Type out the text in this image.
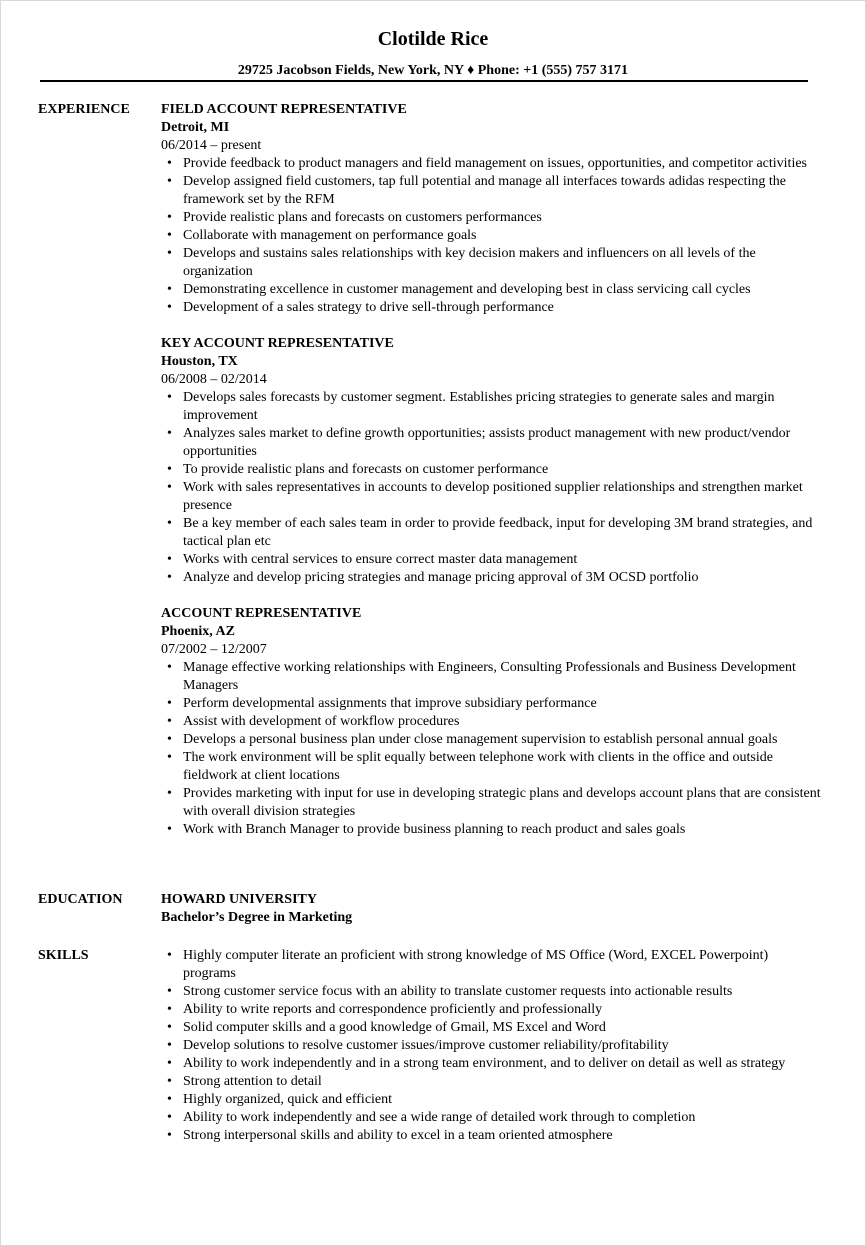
Clotilde Rice
29725 Jacobson Fields, New York, NY ♦ Phone: +1 (555) 757 3171
EXPERIENCE FIELD ACCOUNT REPRESENTATIVE
Detroit, MI
06/2014 – present
• Provide feedback to product managers and field management on issues, opportunities, and competitor activities
• Develop assigned field customers, tap full potential and manage all interfaces towards adidas respecting the framework set by the RFM
• Provide realistic plans and forecasts on customers performances
• Collaborate with management on performance goals
• Develops and sustains sales relationships with key decision makers and influencers on all levels of the organization
• Demonstrating excellence in customer management and developing best in class servicing call cycles
• Development of a sales strategy to drive sell-through performance
KEY ACCOUNT REPRESENTATIVE
Houston, TX
06/2008 – 02/2014
• Develops sales forecasts by customer segment. Establishes pricing strategies to generate sales and margin improvement
• Analyzes sales market to define growth opportunities; assists product management with new product/vendor opportunities
• To provide realistic plans and forecasts on customer performance
• Work with sales representatives in accounts to develop positioned supplier relationships and strengthen market presence
• Be a key member of each sales team in order to provide feedback, input for developing 3M brand strategies, and tactical plan etc
• Works with central services to ensure correct master data management
• Analyze and develop pricing strategies and manage pricing approval of 3M OCSD portfolio
ACCOUNT REPRESENTATIVE
Phoenix, AZ
07/2002 – 12/2007
• Manage effective working relationships with Engineers, Consulting Professionals and Business Development Managers
• Perform developmental assignments that improve subsidiary performance
• Assist with development of workflow procedures
• Develops a personal business plan under close management supervision to establish personal annual goals
• The work environment will be split equally between telephone work with clients in the office and outside fieldwork at client locations
• Provides marketing with input for use in developing strategic plans and develops account plans that are consistent with overall division strategies
• Work with Branch Manager to provide business planning to reach product and sales goals
EDUCATION	HOWARD UNIVERSITY
Bachelor’s Degree in Marketing
SKILLS
•	Highly computer literate an proficient with strong knowledge of MS Office (Word, EXCEL Powerpoint) programs
• Strong customer service focus with an ability to translate customer requests into actionable results
• Ability to write reports and correspondence proficiently and professionally
• Solid computer skills and a good knowledge of Gmail, MS Excel and Word
• Develop solutions to resolve customer issues/improve customer reliability/profitability
• Ability to work independently and in a strong team environment, and to deliver on detail as well as strategy
• Strong attention to detail
• Highly organized, quick and efficient
• Ability to work independently and see a wide range of detailed work through to completion
• Strong interpersonal skills and ability to excel in a team oriented atmosphere
